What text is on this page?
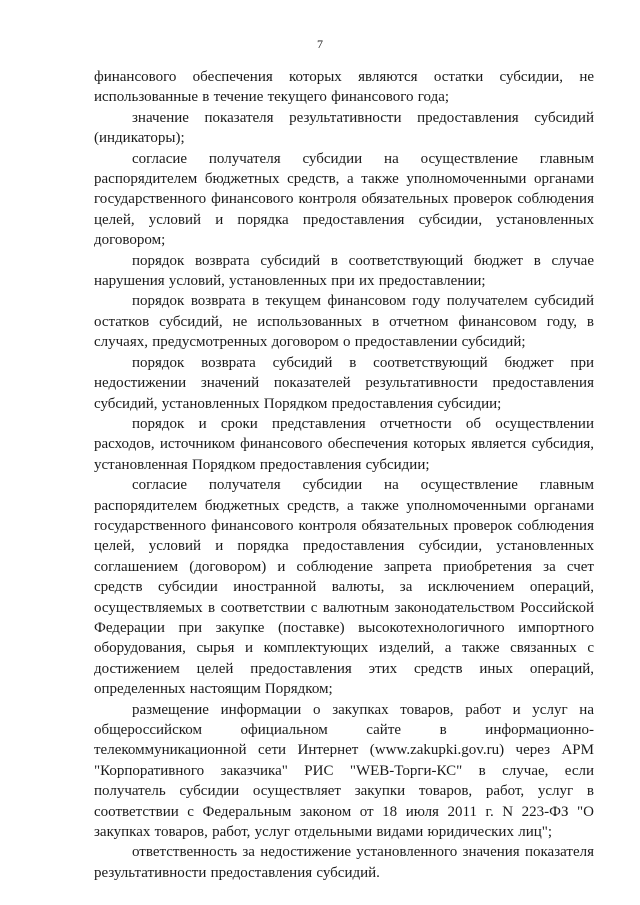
7

финансового обеспечения которых являются остатки субсидии, не использованные в течение текущего финансового года;

значение показателя результативности предоставления субсидий (индикаторы);

согласие получателя субсидии на осуществление главным распорядителем бюджетных средств, а также уполномоченными органами государственного финансового контроля обязательных проверок соблюдения целей, условий и порядка предоставления субсидии, установленных договором;

порядок возврата субсидий в соответствующий бюджет в случае нарушения условий, установленных при их предоставлении;

порядок возврата в текущем финансовом году получателем субсидий остатков субсидий, не использованных в отчетном финансовом году, в случаях, предусмотренных договором о предоставлении субсидий;

порядок возврата субсидий в соответствующий бюджет при недостижении значений показателей результативности предоставления субсидий, установленных Порядком предоставления субсидии;

порядок и сроки представления отчетности об осуществлении расходов, источником финансового обеспечения которых является субсидия, установленная Порядком предоставления субсидии;

согласие получателя субсидии на осуществление главным распорядителем бюджетных средств, а также уполномоченными органами государственного финансового контроля обязательных проверок соблюдения целей, условий и порядка предоставления субсидии, установленных соглашением (договором) и соблюдение запрета приобретения за счет средств субсидии иностранной валюты, за исключением операций, осуществляемых в соответствии с валютным законодательством Российской Федерации при закупке (поставке) высокотехнологичного импортного оборудования, сырья и комплектующих изделий, а также связанных с достижением целей предоставления этих средств иных операций, определенных настоящим Порядком;

размещение информации о закупках товаров, работ и услуг на общероссийском официальном сайте в информационно-телекоммуникационной сети Интернет (www.zakupki.gov.ru) через АРМ "Корпоративного заказчика" РИС "WEB-Торги-КС" в случае, если получатель субсидии осуществляет закупки товаров, работ, услуг в соответствии с Федеральным законом от 18 июля 2011 г. N 223-ФЗ "О закупках товаров, работ, услуг отдельными видами юридических лиц";

ответственность за недостижение установленного значения показателя результативности предоставления субсидий.
